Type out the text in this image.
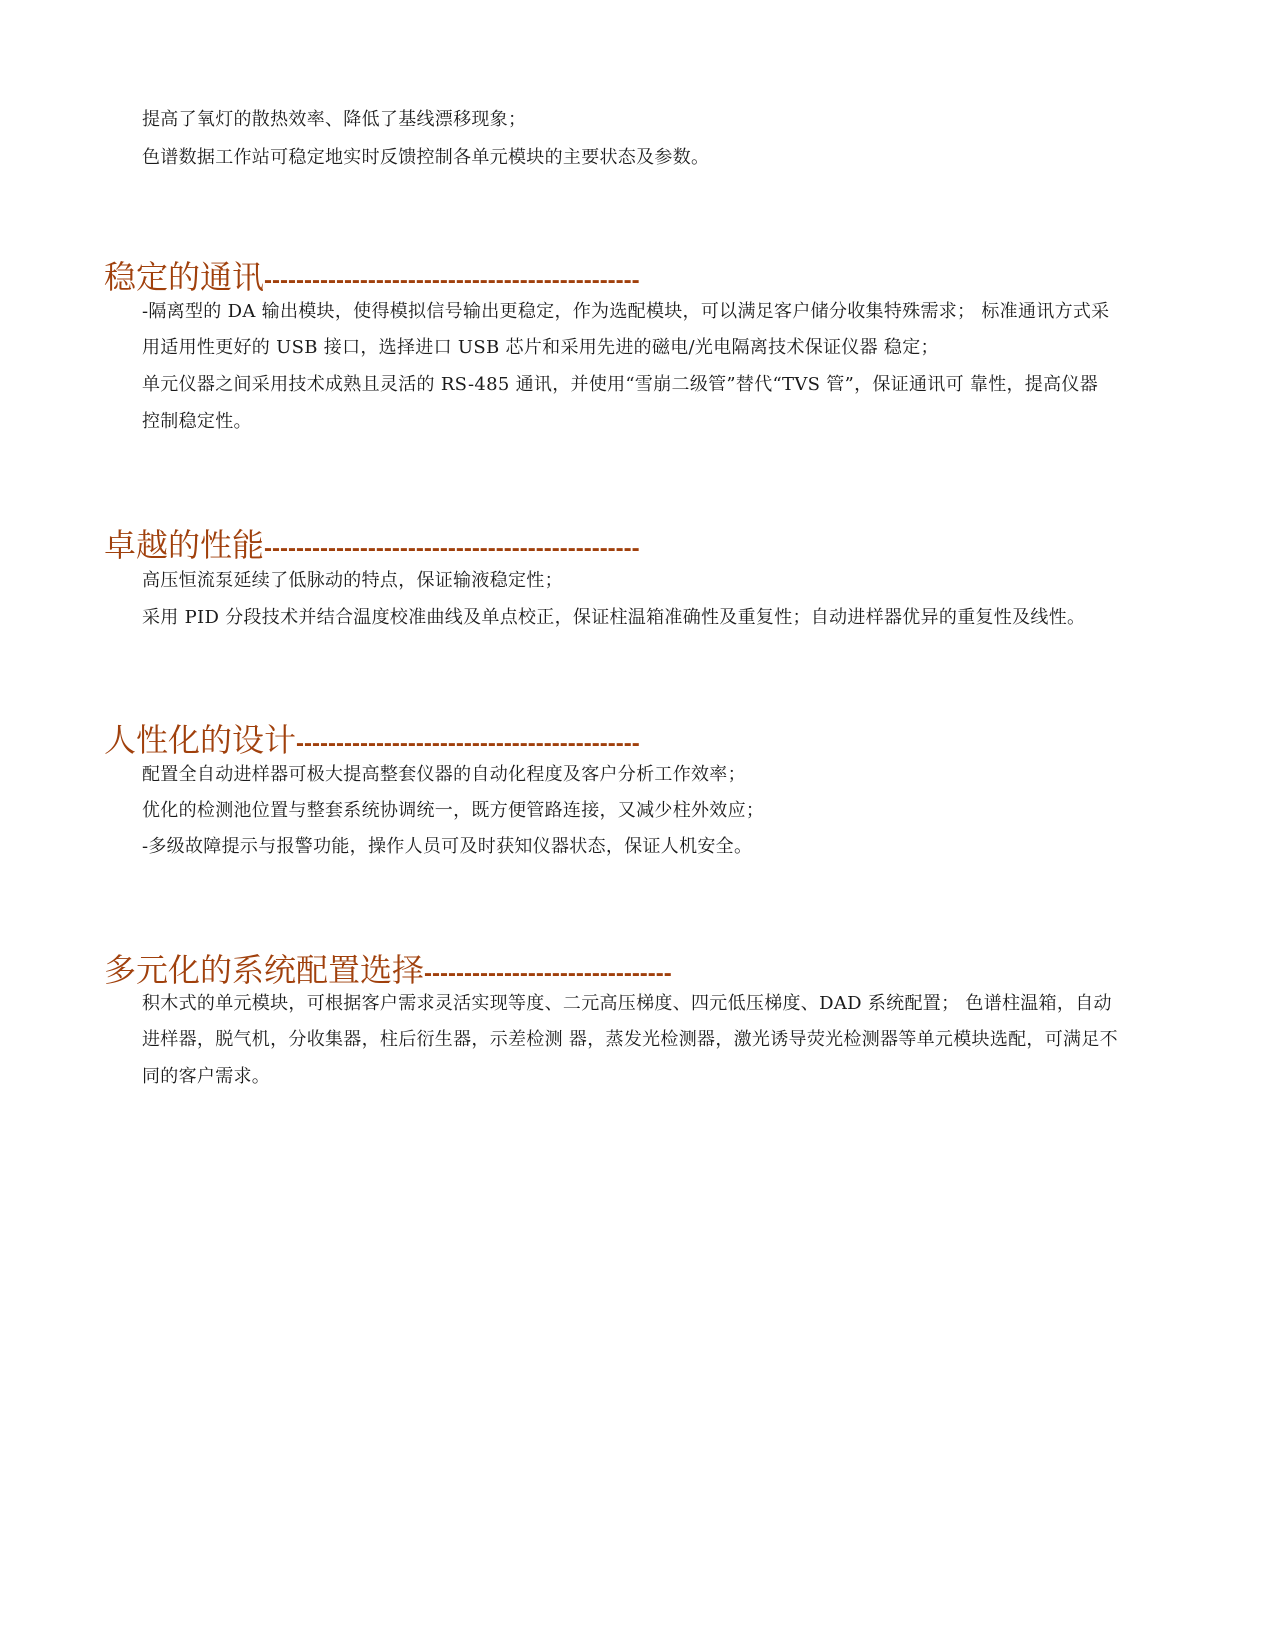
提高了氧灯的散热效率、降低了基线漂移现象；
色谱数据工作站可稳定地实时反馈控制各单元模块的主要状态及参数。
稳定的通讯-----------------------------------------------
-隔离型的 DA 输出模块，使得模拟信号输出更稳定，作为选配模块，可以满足客户储分收集特殊需求； 标准通讯方式采
用适用性更好的 USB 接口，选择进口 USB 芯片和采用先进的磁电/光电隔离技术保证仪器 稳定；
单元仪器之间采用技术成熟且灵活的 RS-485 通讯，并使用“雪崩二级管”替代“TVS 管”，保证通讯可 靠性，提高仪器
控制稳定性。
卓越的性能-----------------------------------------------
高压恒流泵延续了低脉动的特点，保证输液稳定性；
采用 PID 分段技术并结合温度校准曲线及单点校正，保证柱温箱准确性及重复性；自动进样器优异的重复性及线性。
人性化的设计-------------------------------------------
配置全自动进样器可极大提高整套仪器的自动化程度及客户分析工作效率；
优化的检测池位置与整套系统协调统一，既方便管路连接，又减少柱外效应；
-多级故障提示与报警功能，操作人员可及时获知仪器状态，保证人机安全。
多元化的系统配置选择-------------------------------
积木式的单元模块，可根据客户需求灵活实现等度、二元高压梯度、四元低压梯度、DAD 系统配置； 色谱柱温箱，自动
进样器，脱气机，分收集器，柱后衍生器，示差检测 器，蒸发光检测器，激光诱导荧光检测器等单元模块选配，可满足不
同的客户需求。
